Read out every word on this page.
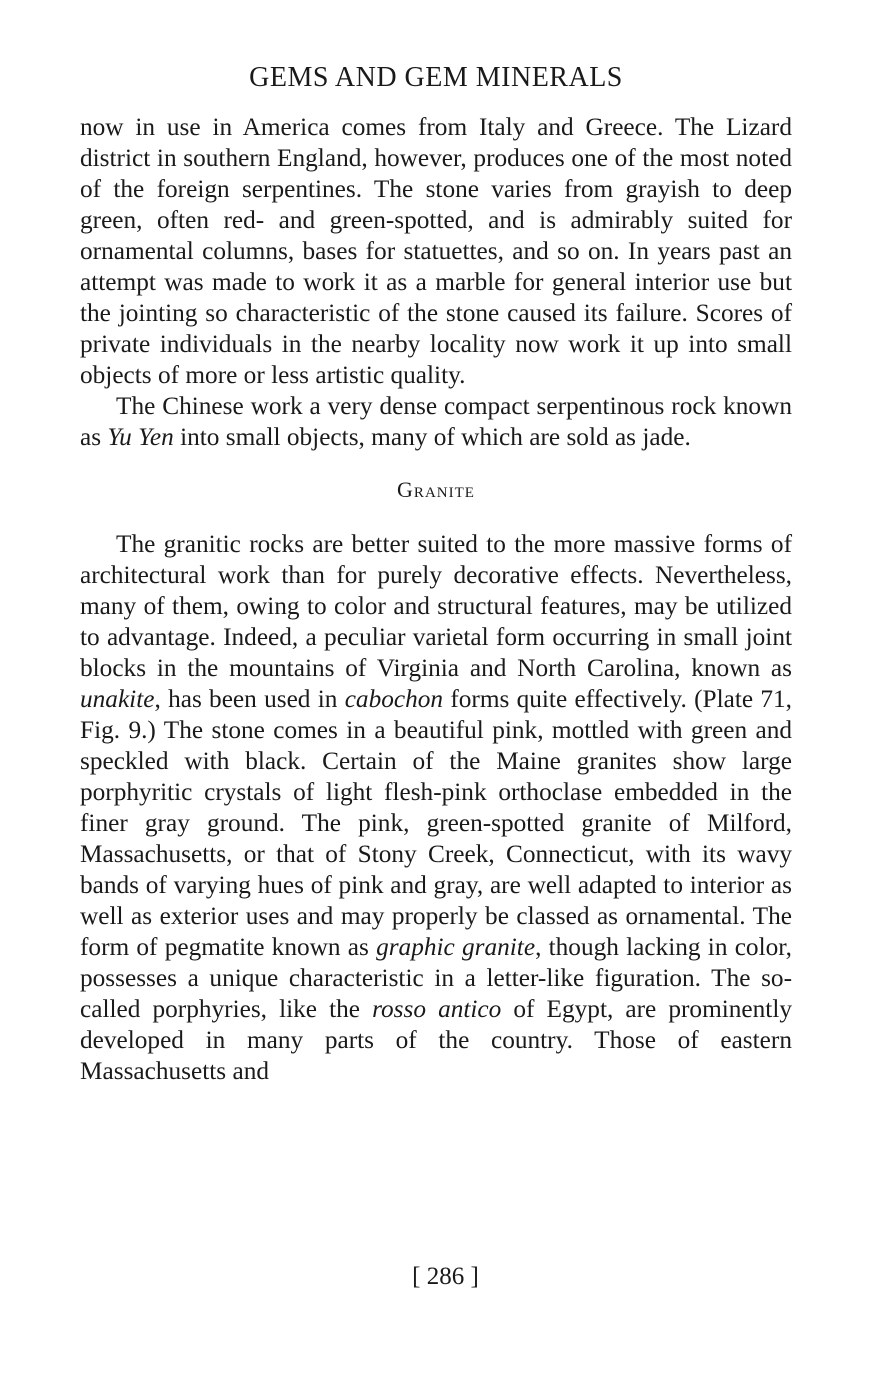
GEMS AND GEM MINERALS

now in use in America comes from Italy and Greece. The Lizard district in southern England, however, produces one of the most noted of the foreign serpentines. The stone varies from grayish to deep green, often red- and green-spotted, and is admirably suited for ornamental columns, bases for statuettes, and so on. In years past an attempt was made to work it as a marble for general interior use but the jointing so characteristic of the stone caused its failure. Scores of private individuals in the nearby locality now work it up into small objects of more or less artistic quality.

The Chinese work a very dense compact serpentinous rock known as Yu Yen into small objects, many of which are sold as jade.

Granite

The granitic rocks are better suited to the more massive forms of architectural work than for purely decorative effects. Nevertheless, many of them, owing to color and structural features, may be utilized to advantage. Indeed, a peculiar varietal form occurring in small joint blocks in the mountains of Virginia and North Carolina, known as unakite, has been used in cabochon forms quite effectively. (Plate 71, Fig. 9.) The stone comes in a beautiful pink, mottled with green and speckled with black. Certain of the Maine granites show large porphyritic crystals of light flesh-pink orthoclase embedded in the finer gray ground. The pink, green-spotted granite of Milford, Massachusetts, or that of Stony Creek, Connecticut, with its wavy bands of varying hues of pink and gray, are well adapted to interior as well as exterior uses and may properly be classed as ornamental. The form of pegmatite known as graphic granite, though lacking in color, possesses a unique characteristic in a letter-like figuration. The so-called porphyries, like the rosso antico of Egypt, are prominently developed in many parts of the country. Those of eastern Massachusetts and

[ 286 ]
